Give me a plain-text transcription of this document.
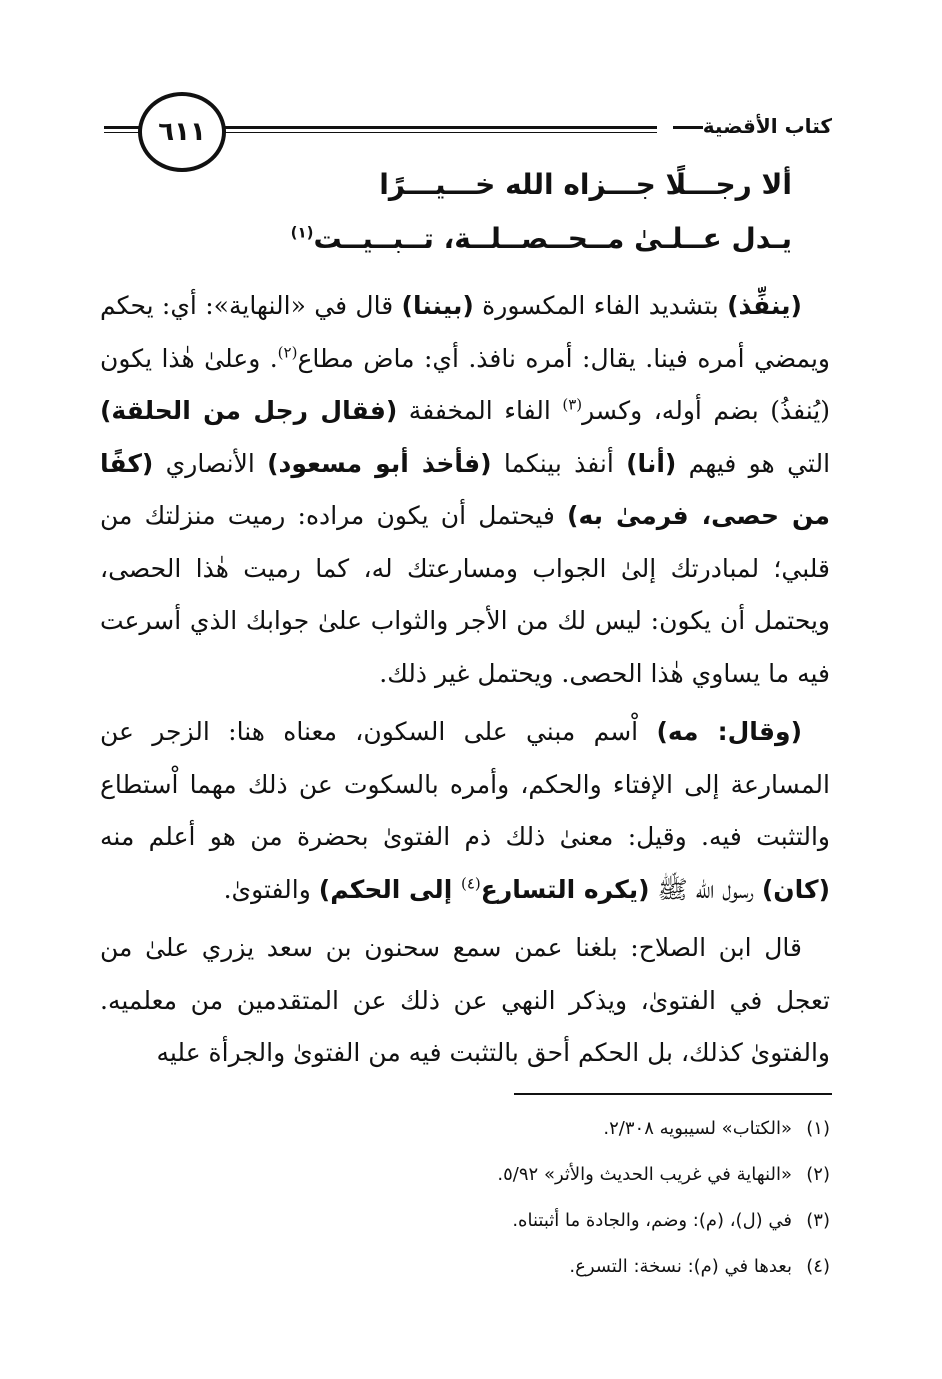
٦١١	كتاب الأقضية
ألا رجـــلًا جـــزاه الله خـــيـــرًا
يـدل عــلـىٰ مــحــصــلــة، تــبــيــت$^{(١)}$

(ينفِّذ) بتشديد الفاء المكسورة (بيننا) قال في «النهاية»: أي: يحكم ويمضي أمره فينا. يقال: أمره نافذ. أي: ماض مطاع$^{(٢)}$. وعلىٰ هٰذا يكون (يُنفذُ) بضم أوله، وكسر$^{(٣)}$ الفاء المخففة (فقال رجل من الحلقة) التي هو فيهم (أنا) أنفذ بينكما (فأخذ أبو مسعود) الأنصاري (كفًا من حصى، فرمىٰ به) فيحتمل أن يكون مراده: رميت منزلتك من قلبي؛ لمبادرتك إلىٰ الجواب ومسارعتك له، كما رميت هٰذا الحصى، ويحتمل أن يكون: ليس لك من الأجر والثواب علىٰ جوابك الذي أسرعت فيه ما يساوي هٰذا الحصى. ويحتمل غير ذلك.

(وقال: مه) اْسم مبني على السكون، معناه هنا: الزجر عن المسارعة إلى الإفتاء والحكم، وأمره بالسكوت عن ذلك مهما اْستطاع والتثبت فيه. وقيل: معنىٰ ذلك ذم الفتوىٰ بحضرة من هو أعلم منه (كان) رسول الله ﷺ (يكره التسارع$^{(٤)}$ إلى الحكم) والفتوىٰ.

قال ابن الصلاح: بلغنا عمن سمع سحنون بن سعد يزري علىٰ من تعجل في الفتوىٰ، ويذكر النهي عن ذلك عن المتقدمين من معلميه. والفتوىٰ كذلك، بل الحكم أحق بالتثبت فيه من الفتوىٰ والجرأة عليه

(١)«الكتاب» لسيبويه ٢/٣٠٨.
(٢)«النهاية في غريب الحديث والأثر» ٥/٩٢.
(٣)في (ل)، (م): وضم، والجادة ما أثبتناه.
(٤)بعدها في (م): نسخة: التسرع.
